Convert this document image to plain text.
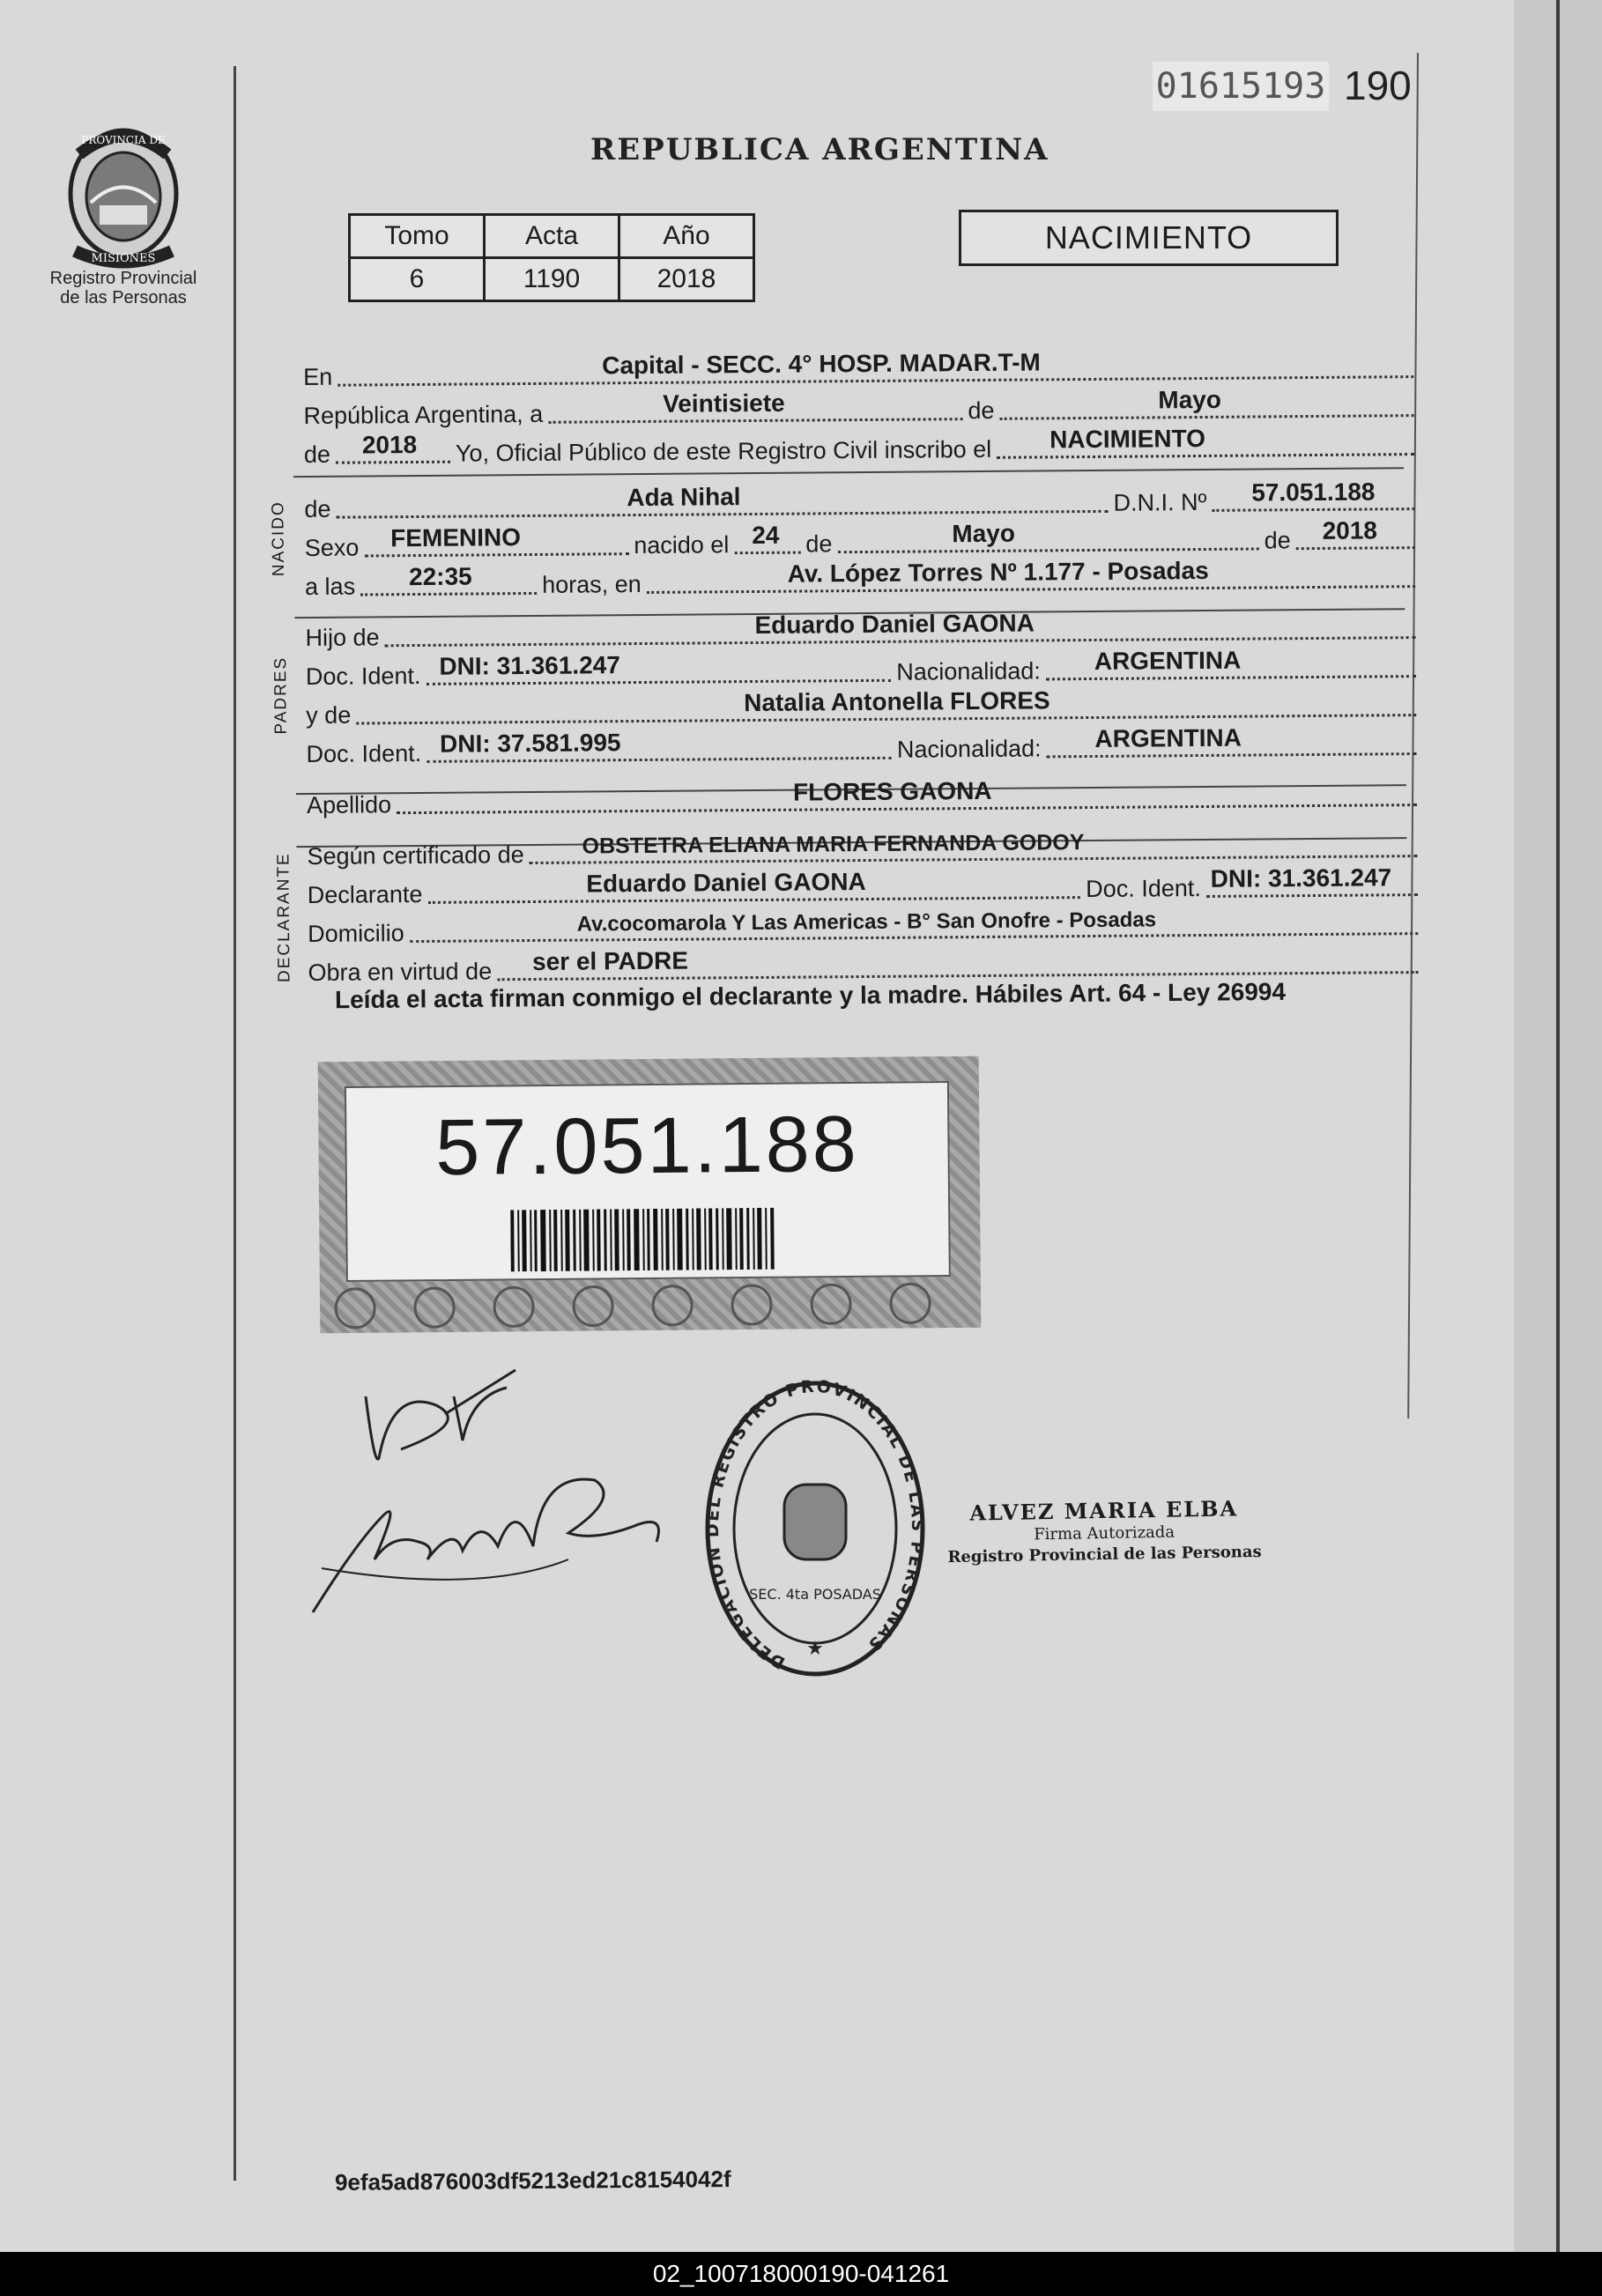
01615193 190
PROVINCIA DE
MISIONES
Registro Provincial
de las Personas
REPUBLICA ARGENTINA
Tomo	Acta	Año
6	1190	2018
NACIMIENTO
En	Capital - SECC. 4° HOSP. MADAR.T-M
República Argentina, a	Veintisiete	de	Mayo
de 2018 Yo, Oficial Público de este Registro Civil inscribo el NACIMIENTO
NACIDO de	Ada Nihal	D.N.I. Nº 57.051.188
Sexo FEMENINO	nacido el 24 de	Mayo	de 2018
a las 22:35	horas, en	Av. López Torres Nº 1.177 - Posadas
PADRES
Hijo de	Eduardo Daniel GAONA
Doc. Ident. DNI: 31.361.247	Nacionalidad: ARGENTINA
y de	Natalia Antonella FLORES
Doc. Ident. DNI: 37.581.995	Nacionalidad: ARGENTINA
Apellido	FLORES GAONA
DECLARANTE Según certificado de	OBSTETRA ELIANA MARIA FERNANDA GODOY
Declarante	Eduardo Daniel GAONA	Doc. Ident. DNI: 31.361.247
Domicilio	Av.cocomarola Y Las Americas - B° San Onofre - Posadas
Obra en virtud de ser el PADRE
Leída el acta firman conmigo el declarante y la madre. Hábiles Art. 64 - Ley 26994
57.051.188
DELEGACION DEL REGISTRO PROVINCIAL DE LAS PERSONAS
SEC. 4ta POSADAS
★
ALVEZ MARIA ELBA
Firma Autorizada
Registro Provincial de las Personas
9efa5ad876003df5213ed21c8154042f
02_100718000190-041261
